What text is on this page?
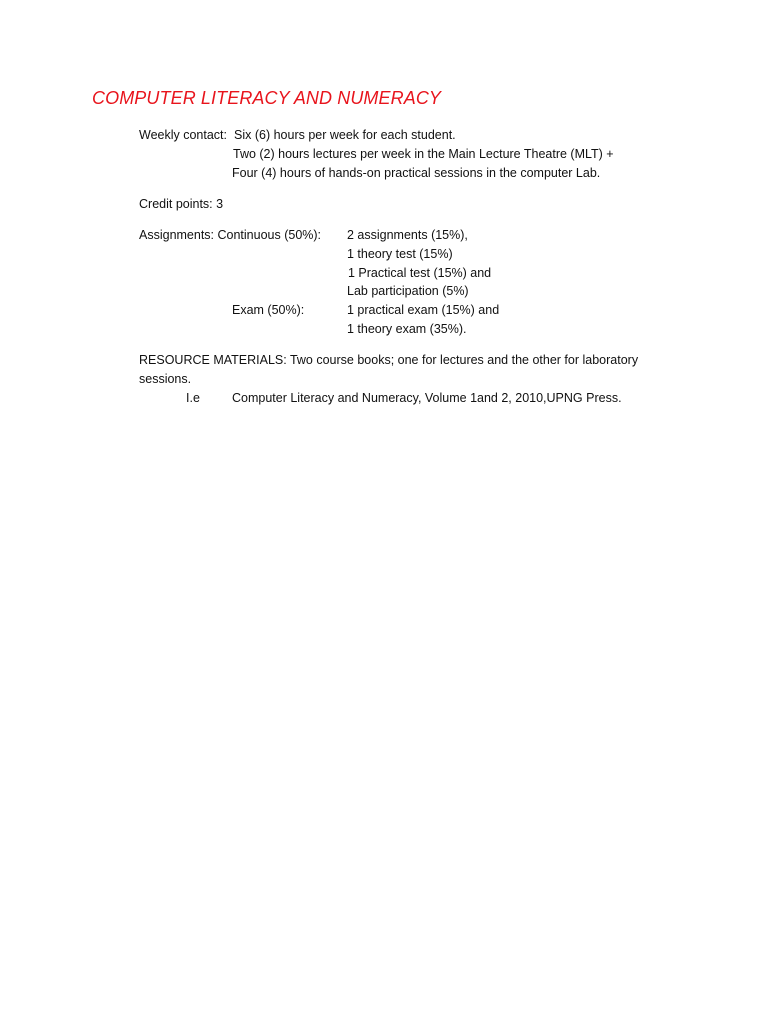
COMPUTER LITERACY AND NUMERACY
Weekly contact: Six (6) hours per week for each student.
Two (2) hours lectures per week in the Main Lecture Theatre (MLT) +
Four (4) hours of hands-on practical sessions in the computer Lab.
Credit points: 3
Assignments: Continuous (50%): 2 assignments (15%),
1 theory test (15%)
1 Practical test (15%) and
Lab participation (5%)
Exam (50%):	1 practical exam (15%) and
1 theory exam (35%).
RESOURCE MATERIALS: Two course books; one for lectures and the other for laboratory
sessions.
I.e	Computer Literacy and Numeracy, Volume 1and 2, 2010,UPNG Press.
